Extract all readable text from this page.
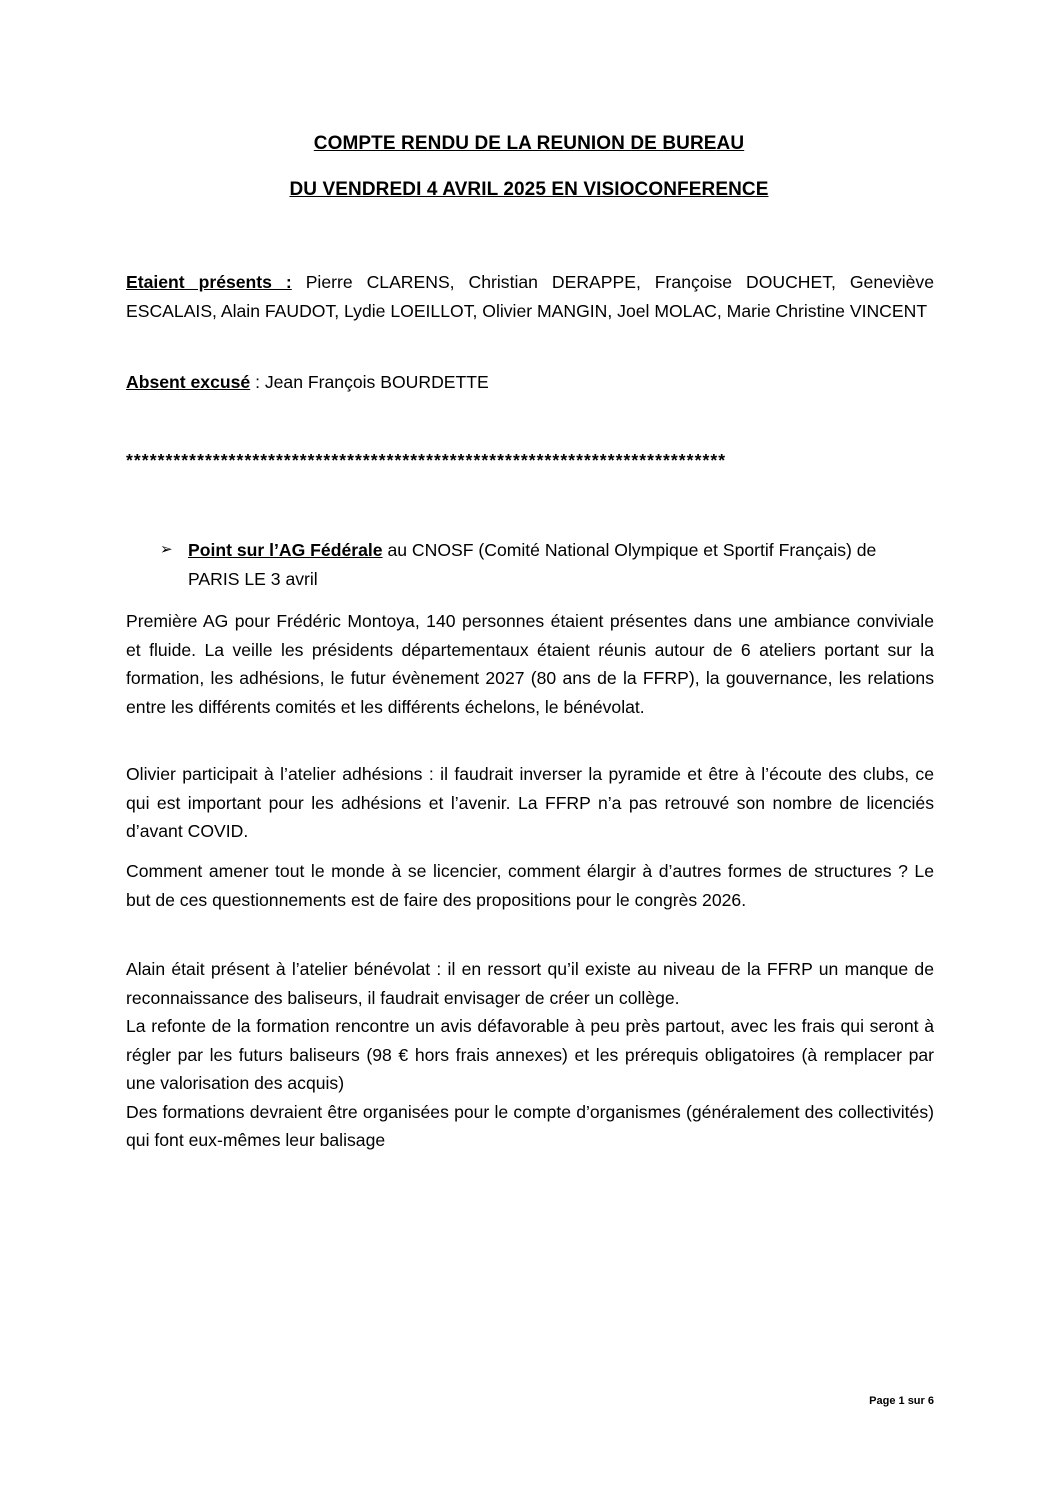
COMPTE RENDU DE LA REUNION DE BUREAU
DU VENDREDI 4 AVRIL 2025 EN VISIOCONFERENCE
Etaient présents : Pierre CLARENS, Christian DERAPPE, Françoise DOUCHET, Geneviève ESCALAIS, Alain FAUDOT, Lydie LOEILLOT, Olivier MANGIN, Joel MOLAC, Marie Christine VINCENT
Absent excusé : Jean François BOURDETTE
****************************************************************************
➢ Point sur l’AG Fédérale au CNOSF (Comité National Olympique et Sportif Français) de PARIS LE 3 avril
Première AG pour Frédéric Montoya, 140 personnes étaient présentes dans une ambiance conviviale et fluide. La veille les présidents départementaux étaient réunis autour de 6 ateliers portant sur la formation, les adhésions, le futur évènement 2027 (80 ans de la FFRP), la gouvernance, les relations entre les différents comités et les différents échelons, le bénévolat.
Olivier participait à l’atelier adhésions : il faudrait inverser la pyramide et être à l’écoute des clubs, ce qui est important pour les adhésions et l’avenir. La FFRP n’a pas retrouvé son nombre de licenciés d’avant COVID.
Comment amener tout le monde à se licencier, comment élargir à d’autres formes de structures ? Le but de ces questionnements est de faire des propositions pour le congrès 2026.
Alain était présent à l’atelier bénévolat : il en ressort qu’il existe au niveau de la FFRP un manque de reconnaissance des baliseurs, il faudrait envisager de créer un collège.
La refonte de la formation rencontre un avis défavorable à peu près partout, avec les frais qui seront à régler par les futurs baliseurs (98 € hors frais annexes) et les prérequis obligatoires (à remplacer par une valorisation des acquis)
Des formations devraient être organisées pour le compte d’organismes (généralement des collectivités) qui font eux-mêmes leur balisage
Page 1 sur 6
